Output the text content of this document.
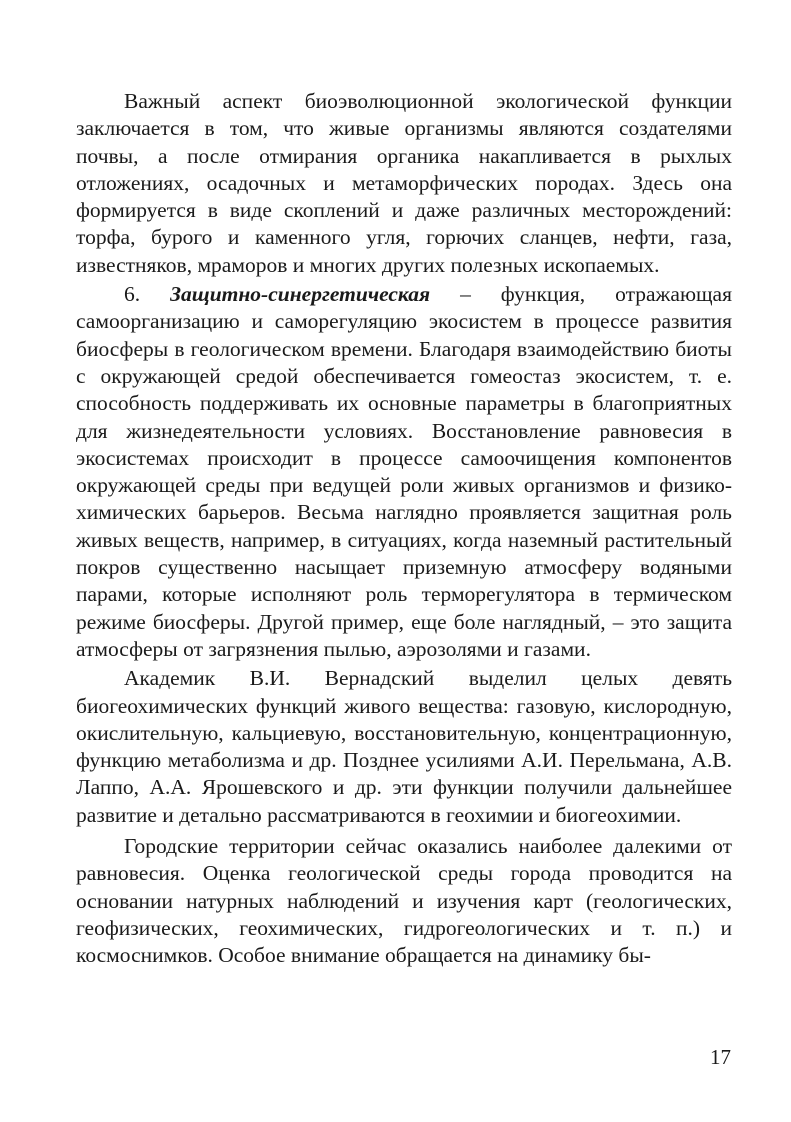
Важный аспект биоэволюционной экологической функции заключается в том, что живые организмы являются создателями почвы, а после отмирания органика накапливается в рыхлых отложениях, осадочных и метаморфических породах. Здесь она формируется в виде скоплений и даже различных месторождений: торфа, бурого и каменного угля, горючих сланцев, нефти, газа, известняков, мраморов и многих других полезных ископаемых.

6. Защитно-синергетическая – функция, отражающая самоорганизацию и саморегуляцию экосистем в процессе развития биосферы в геологическом времени. Благодаря взаимодействию биоты с окружающей средой обеспечивается гомеостаз экосистем, т. е. способность поддерживать их основные параметры в благоприятных для жизнедеятельности условиях. Восстановление равновесия в экосистемах происходит в процессе самоочищения компонентов окружающей среды при ведущей роли живых организмов и физико-химических барьеров. Весьма наглядно проявляется защитная роль живых веществ, например, в ситуациях, когда наземный растительный покров существенно насыщает приземную атмосферу водяными парами, которые исполняют роль терморегулятора в термическом режиме биосферы. Другой пример, еще боле наглядный, – это защита атмосферы от загрязнения пылью, аэрозолями и газами.

Академик В.И. Вернадский выделил целых девять биогеохимических функций живого вещества: газовую, кислородную, окислительную, кальциевую, восстановительную, концентрационную, функцию метаболизма и др. Позднее усилиями А.И. Перельмана, А.В. Лаппо, А.А. Ярошевского и др. эти функции получили дальнейшее развитие и детально рассматриваются в геохимии и биогеохимии.

Городские территории сейчас оказались наиболее далекими от равновесия. Оценка геологической среды города проводится на основании натурных наблюдений и изучения карт (геологических, геофизических, геохимических, гидрогеологических и т. п.) и космоснимков. Особое внимание обращается на динамику бы-

17
